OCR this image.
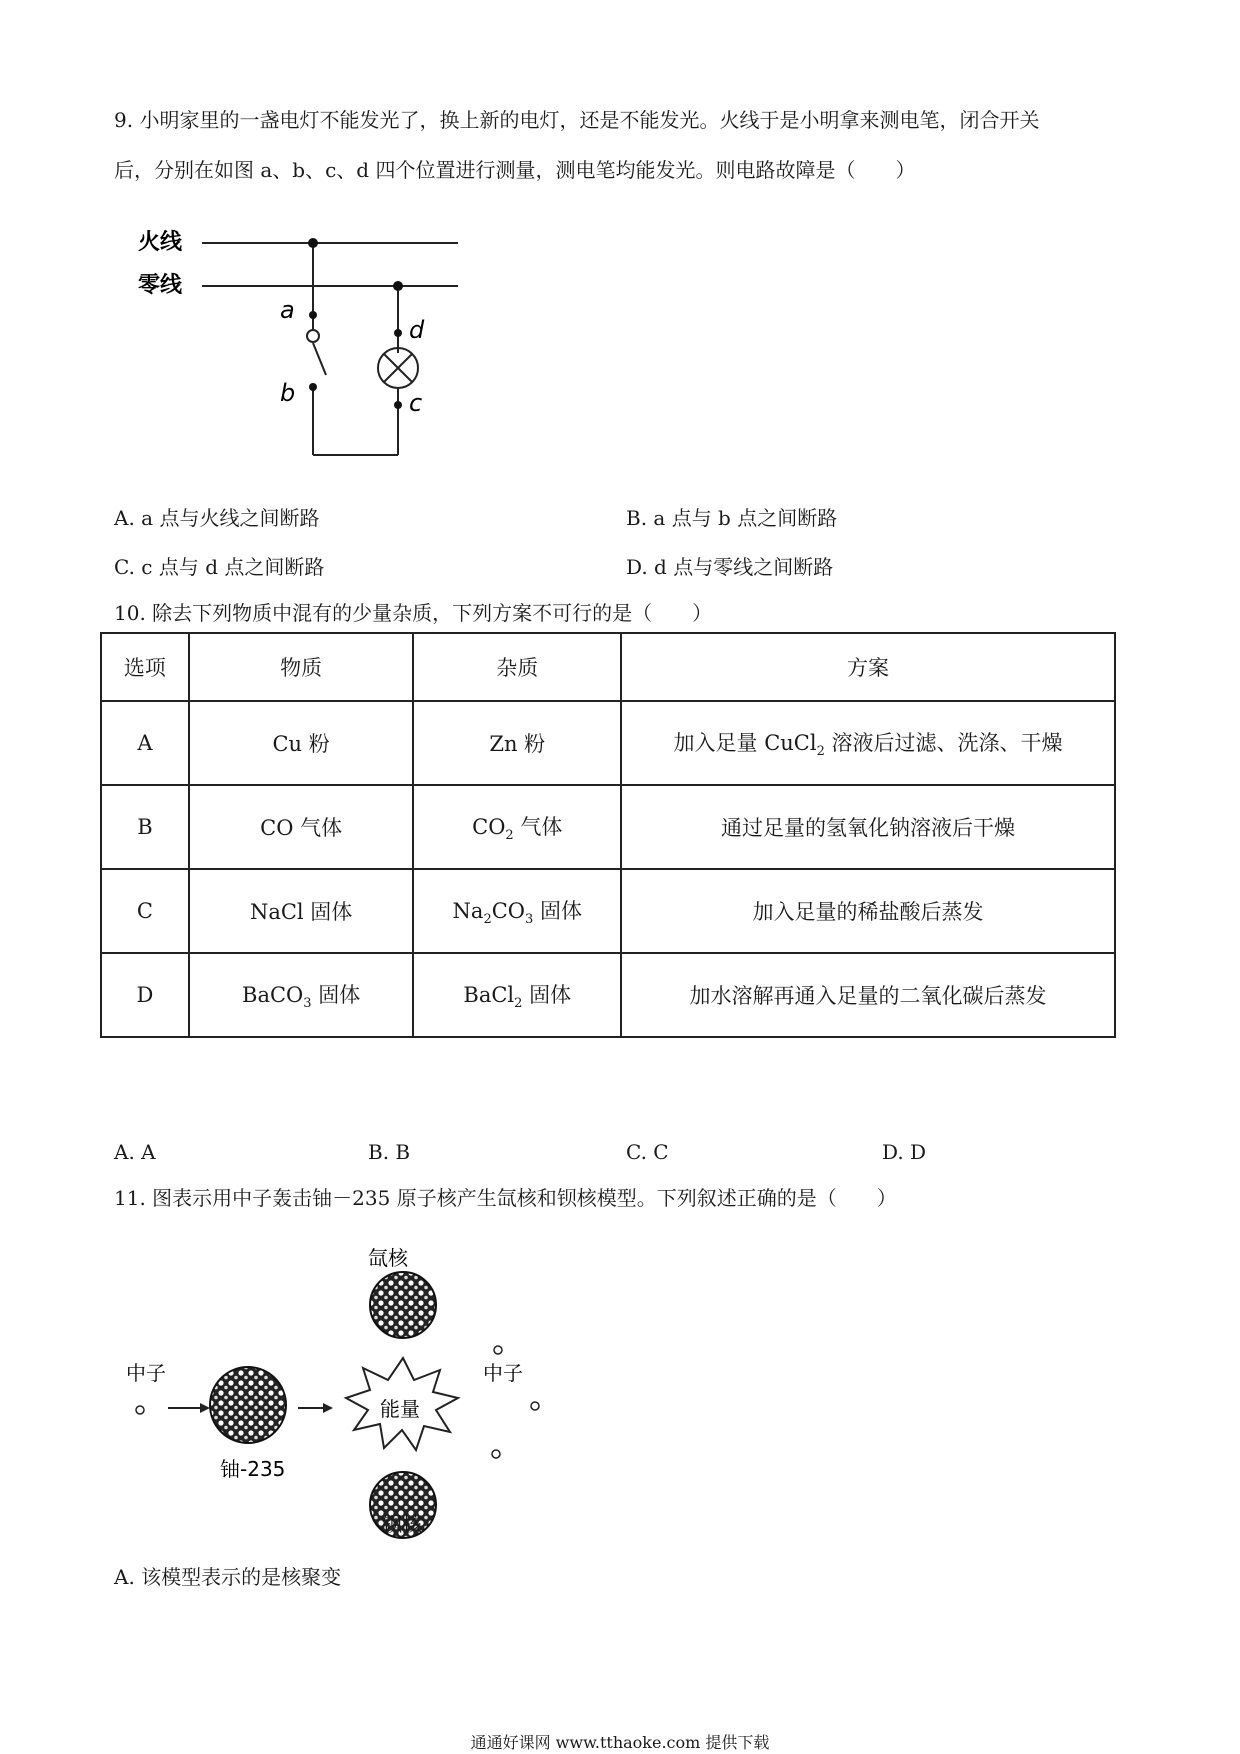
9. 小明家里的一盏电灯不能发光了，换上新的电灯，还是不能发光。火线于是小明拿来测电笔，闭合开关
后，分别在如图 a、b、c、d 四个位置进行测量，测电笔均能发光。则电路故障是（　　）
火线
零线
a
b
d
c
A. a 点与火线之间断路	B. a 点与 b 点之间断路
C. c 点与 d 点之间断路	D. d 点与零线之间断路
10. 除去下列物质中混有的少量杂质，下列方案不可行的是（　　）
选项	物质	杂质	方案
A	Cu 粉	Zn 粉	加入足量 CuCl$_2$ 溶液后过滤、洗涤、干燥
B	CO 气体	$CO_2$ 气体	通过足量的氢氧化钠溶液后干燥
C	NaCl 固体	$Na_2CO_3$ 固体	加入足量的稀盐酸后蒸发
D	BaCO$_3$ 固体	BaCl$_2$ 固体	加水溶解再通入足量的二氧化碳后蒸发
A. A	B. B	C. C	D. D
11. 图表示用中子轰击铀－235 原子核产生氙核和钡核模型。下列叙述正确的是（　　）
氙核
中子
能量
铀-235
中子
钡核
A. 该模型表示的是核聚变
通通好课网 www.tthaoke.com 提供下载
